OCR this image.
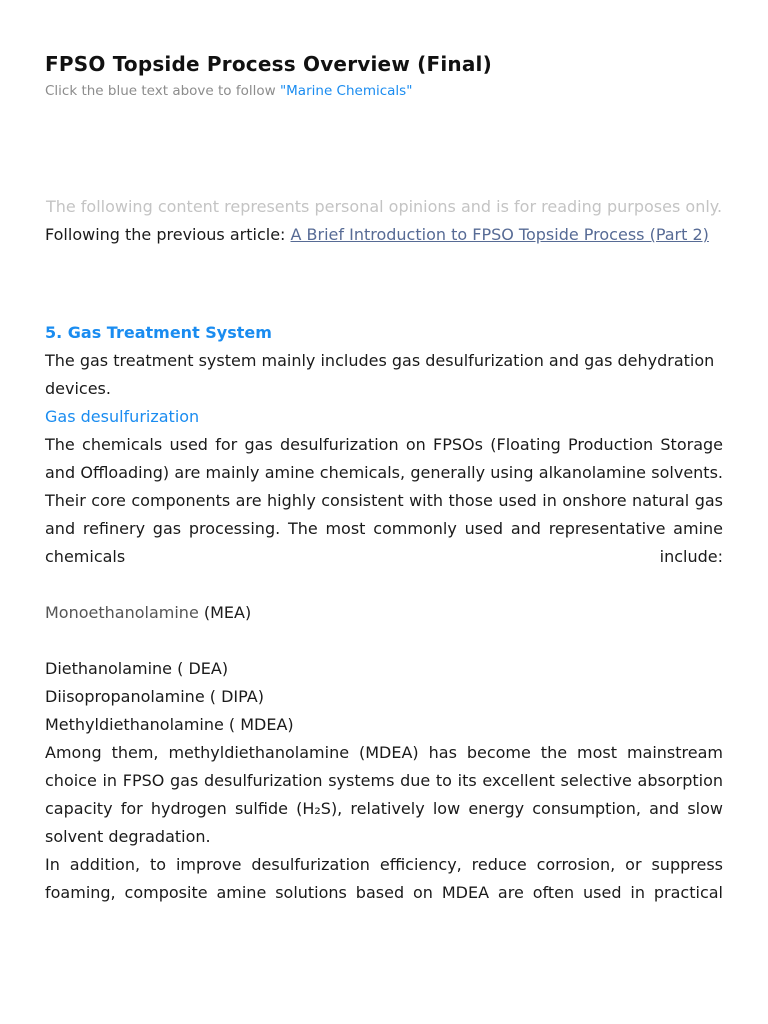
FPSO Topside Process Overview (Final)
Click the blue text above to follow "Marine Chemicals"
The following content represents personal opinions and is for reading purposes only.
Following the previous article: A Brief Introduction to FPSO Topside Process (Part 2)
5. Gas Treatment System
The gas treatment system mainly includes gas desulfurization and gas dehydration devices.
Gas desulfurization
The chemicals used for gas desulfurization on FPSOs (Floating Production Storage and Offloading) are mainly amine chemicals, generally using alkanolamine solvents. Their core components are highly consistent with those used in onshore natural gas and refinery gas processing. The most commonly used and representative amine chemicals include:
Monoethanolamine (MEA)
Diethanolamine ( DEA)
Diisopropanolamine ( DIPA)
Methyldiethanolamine ( MDEA)
Among them, methyldiethanolamine (MDEA) has become the most mainstream choice in FPSO gas desulfurization systems due to its excellent selective absorption capacity for hydrogen sulfide (H₂S), relatively low energy consumption, and slow solvent degradation.
In addition, to improve desulfurization efficiency, reduce corrosion, or suppress foaming, composite amine solutions based on MDEA are often used in practical
